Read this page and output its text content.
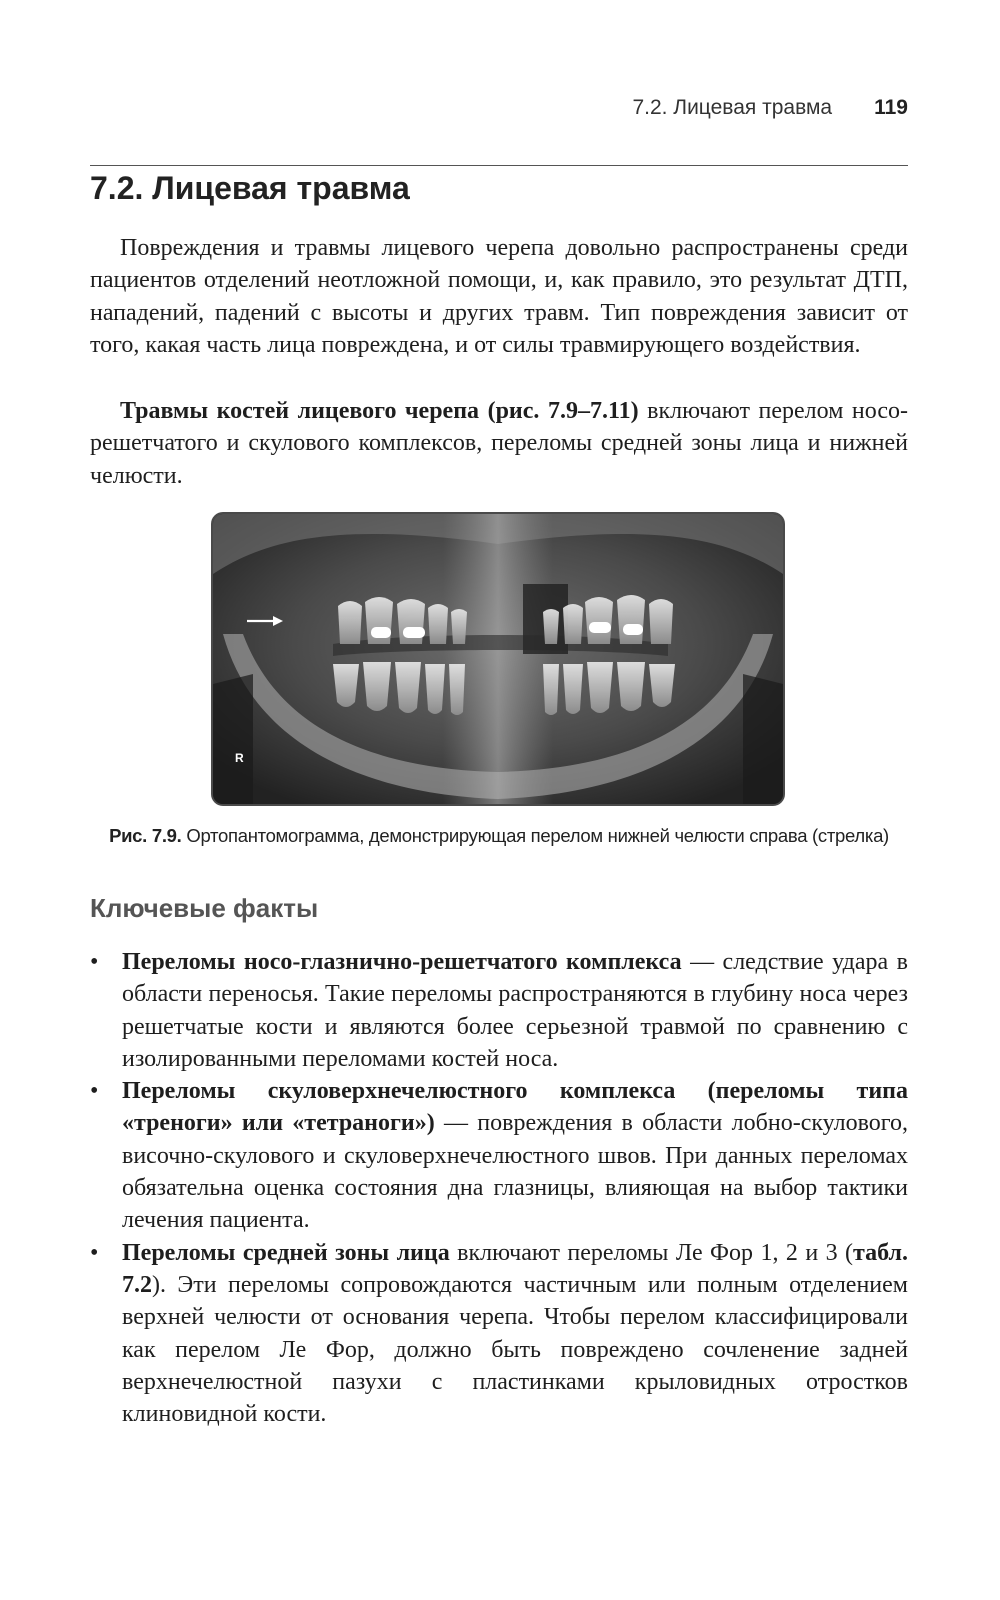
7.2. Лицевая травма 119
7.2. Лицевая травма

Повреждения и травмы лицевого черепа довольно распространены среди пациентов отделений неотложной помощи, и, как правило, это результат ДТП, нападений, падений с высоты и других травм. Тип повреждения зависит от того, какая часть лица повреждена, и от силы травмирующего воздействия.

Травмы костей лицевого черепа (рис. 7.9–7.11) включают перелом носо-решетчатого и скулового комплексов, переломы средней зоны лица и нижней челюсти.

R
Рис. 7.9. Ортопантомограмма, демонстрирующая перелом нижней челюсти справа (стрелка)
Ключевые факты
• Переломы носо-глазнично-решетчатого комплекса — следствие удара в области переносья. Такие переломы распространяются в глубину носа через решетчатые кости и являются более серьезной травмой по сравнению с изолированными переломами костей носа.
• Переломы скуловерхнечелюстного комплекса (переломы типа «треноги» или «тетраноги») — повреждения в области лобно-скулового, височно-скулового и скуловерхнечелюстного швов. При данных переломах обязательна оценка состояния дна глазницы, влияющая на выбор тактики лечения пациента.
• Переломы средней зоны лица включают переломы Ле Фор 1, 2 и 3 (табл. 7.2). Эти переломы сопровождаются частичным или полным отделением верхней челюсти от основания черепа. Чтобы перелом классифицировали как перелом Ле Фор, должно быть повреждено сочленение задней верхнечелюстной пазухи с пластинками крыловидных отростков клиновидной кости.
